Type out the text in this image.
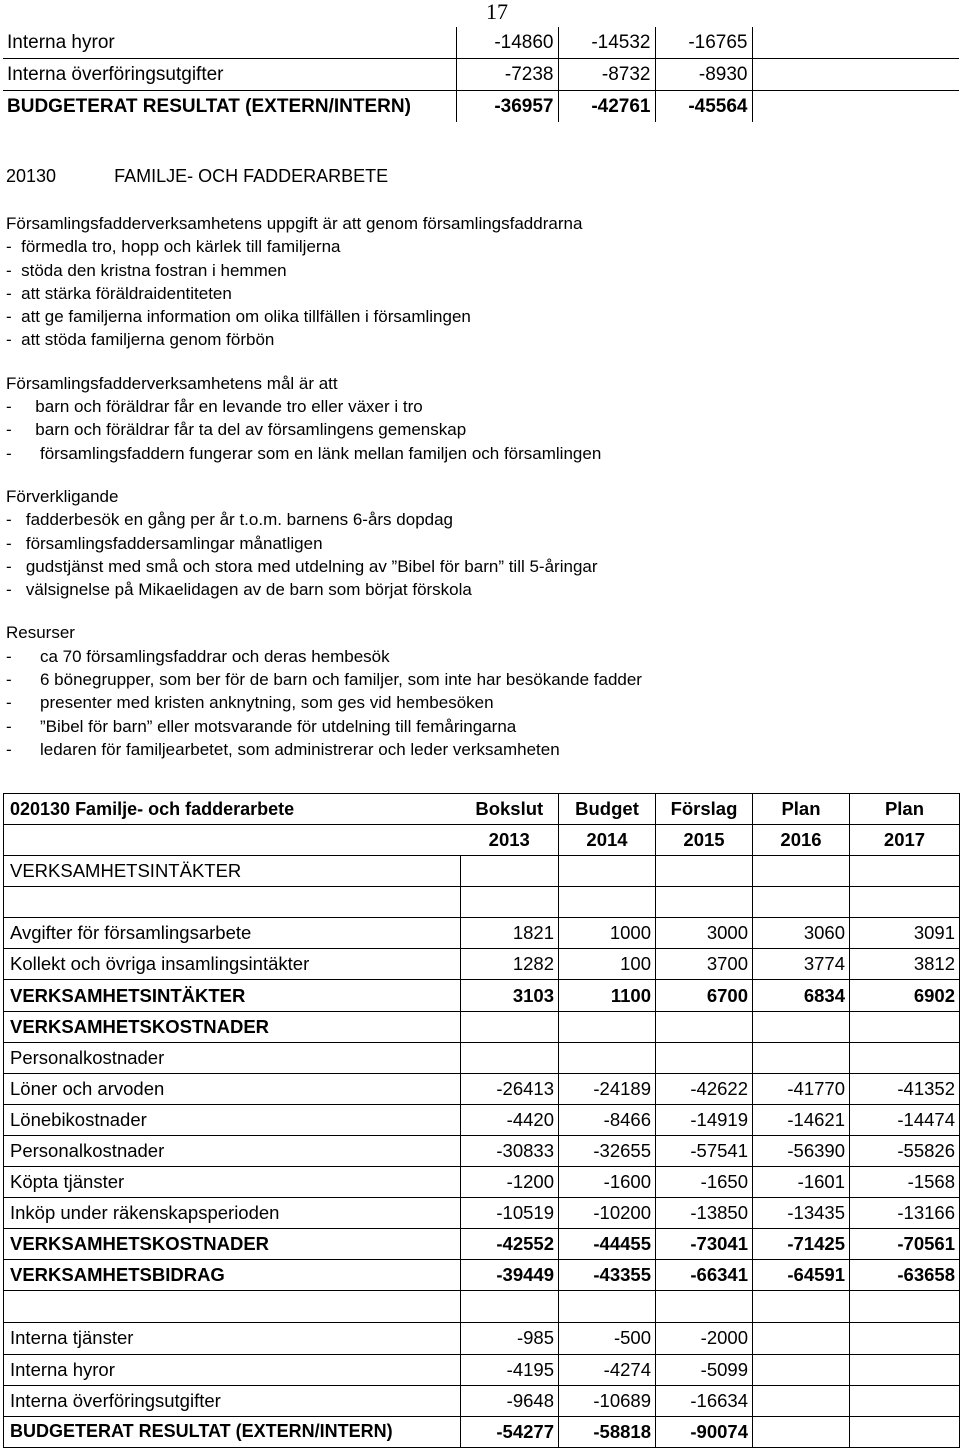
17
Interna hyror	-14860	-14532	-16765	
Interna överföringsutgifter	-7238	-8732	-8930	
BUDGETERAT RESULTAT (EXTERN/INTERN)	-36957	-42761	-45564	
20130	FAMILJE- OCH FADDERARBETE
Församlingsfadderverksamhetens uppgift är att genom församlingsfaddrarna
-  förmedla tro, hopp och kärlek till familjerna
-  stöda den kristna fostran i hemmen
-  att stärka föräldraidentiteten
-  att ge familjerna information om olika tillfällen i församlingen
-  att stöda familjerna genom förbön
Församlingsfadderverksamhetens mål är att
-     barn och föräldrar får en levande tro eller växer i tro
-     barn och föräldrar får ta del av församlingens gemenskap
-      församlingsfaddern fungerar som en länk mellan familjen och församlingen
Förverkligande
-   fadderbesök en gång per år t.o.m. barnens 6-års dopdag
-   församlingsfaddersamlingar månatligen
-   gudstjänst med små och stora med utdelning av ”Bibel för barn” till 5-åringar
-   välsignelse på Mikaelidagen av de barn som börjat förskola
Resurser
-      ca 70 församlingsfaddrar och deras hembesök
-      6 bönegrupper, som ber för de barn och familjer, som inte har besökande fadder
-      presenter med kristen anknytning, som ges vid hembesöken
-      ”Bibel för barn” eller motsvarande för utdelning till femåringarna
-      ledaren för familjearbetet, som administrerar och leder verksamheten
020130 Familje- och fadderarbete	Bokslut	Budget	Förslag	Plan	Plan
	2013	2014	2015	2016	2017
VERKSAMHETSINTÄKTER					

Avgifter för församlingsarbete	1821	1000	3000	3060	3091
Kollekt och övriga insamlingsintäkter	1282	100	3700	3774	3812
VERKSAMHETSINTÄKTER	3103	1100	6700	6834	6902
VERKSAMHETSKOSTNADER					
Personalkostnader					
Löner och arvoden	-26413	-24189	-42622	-41770	-41352
Lönebikostnader	-4420	-8466	-14919	-14621	-14474
Personalkostnader	-30833	-32655	-57541	-56390	-55826
Köpta tjänster	-1200	-1600	-1650	-1601	-1568
Inköp under räkenskapsperioden	-10519	-10200	-13850	-13435	-13166
VERKSAMHETSKOSTNADER	-42552	-44455	-73041	-71425	-70561
VERKSAMHETSBIDRAG	-39449	-43355	-66341	-64591	-63658

Interna tjänster	-985	-500	-2000		
Interna hyror	-4195	-4274	-5099		
Interna överföringsutgifter	-9648	-10689	-16634		
BUDGETERAT RESULTAT (EXTERN/INTERN)	-54277	-58818	-90074		
